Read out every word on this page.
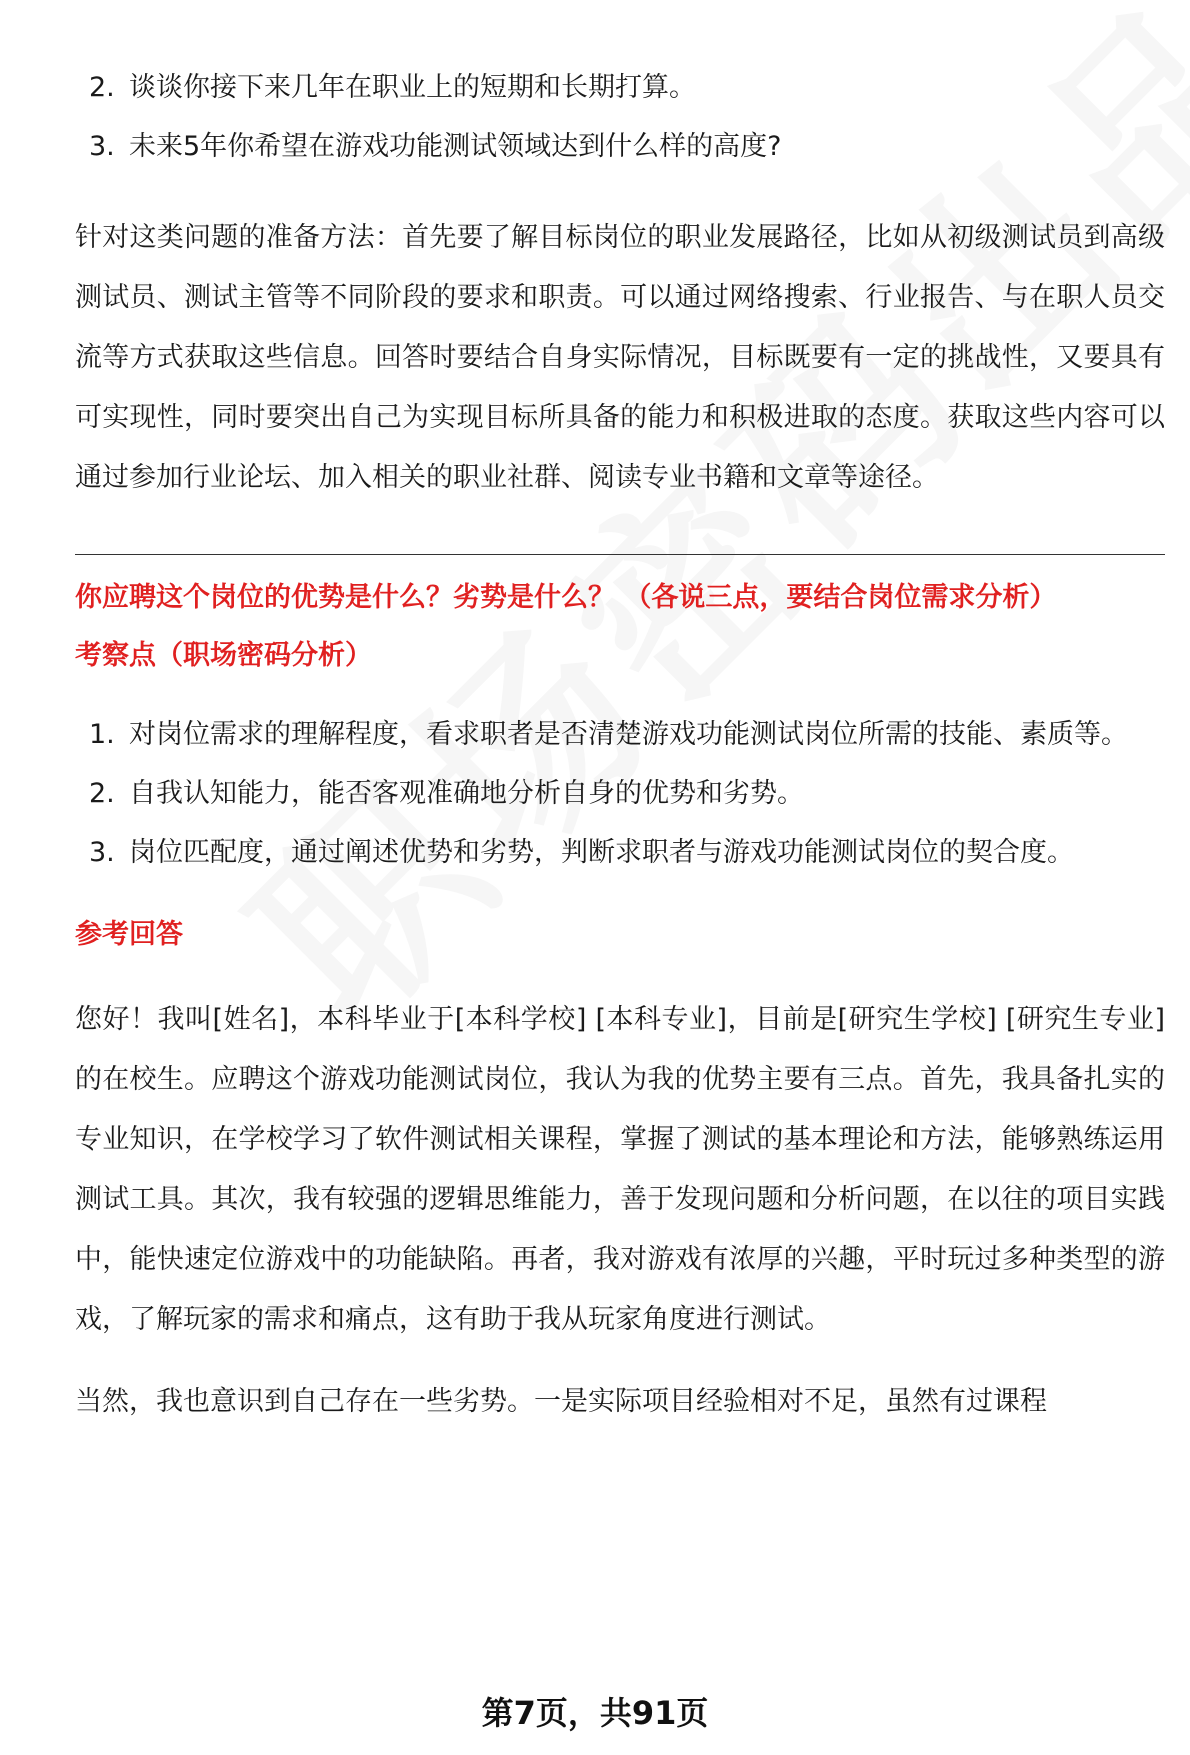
2. 谈谈你接下来几年在职业上的短期和长期打算。
3. 未来5年你希望在游戏功能测试领域达到什么样的高度?

针对这类问题的准备方法：首先要了解目标岗位的职业发展路径，比如从初级测试员到高级测试员、测试主管等不同阶段的要求和职责。可以通过网络搜索、行业报告、与在职人员交流等方式获取这些信息。回答时要结合自身实际情况，目标既要有一定的挑战性，又要具有可实现性，同时要突出自己为实现目标所具备的能力和积极进取的态度。获取这些内容可以通过参加行业论坛、加入相关的职业社群、阅读专业书籍和文章等途径。

你应聘这个岗位的优势是什么？劣势是什么？ （各说三点，要结合岗位需求分析）

考察点（职场密码分析）

1. 对岗位需求的理解程度，看求职者是否清楚游戏功能测试岗位所需的技能、素质等。
2. 自我认知能力，能否客观准确地分析自身的优势和劣势。
3. 岗位匹配度，通过阐述优势和劣势，判断求职者与游戏功能测试岗位的契合度。

参考回答

您好！我叫[姓名]，本科毕业于[本科学校] [本科专业]，目前是[研究生学校] [研究生专业]的在校生。应聘这个游戏功能测试岗位，我认为我的优势主要有三点。首先，我具备扎实的专业知识，在学校学习了软件测试相关课程，掌握了测试的基本理论和方法，能够熟练运用测试工具。其次，我有较强的逻辑思维能力，善于发现问题和分析问题，在以往的项目实践中，能快速定位游戏中的功能缺陷。再者，我对游戏有浓厚的兴趣，平时玩过多种类型的游戏，了解玩家的需求和痛点，这有助于我从玩家角度进行测试。

当然，我也意识到自己存在一些劣势。一是实际项目经验相对不足，虽然有过课程

第7页，共91页
